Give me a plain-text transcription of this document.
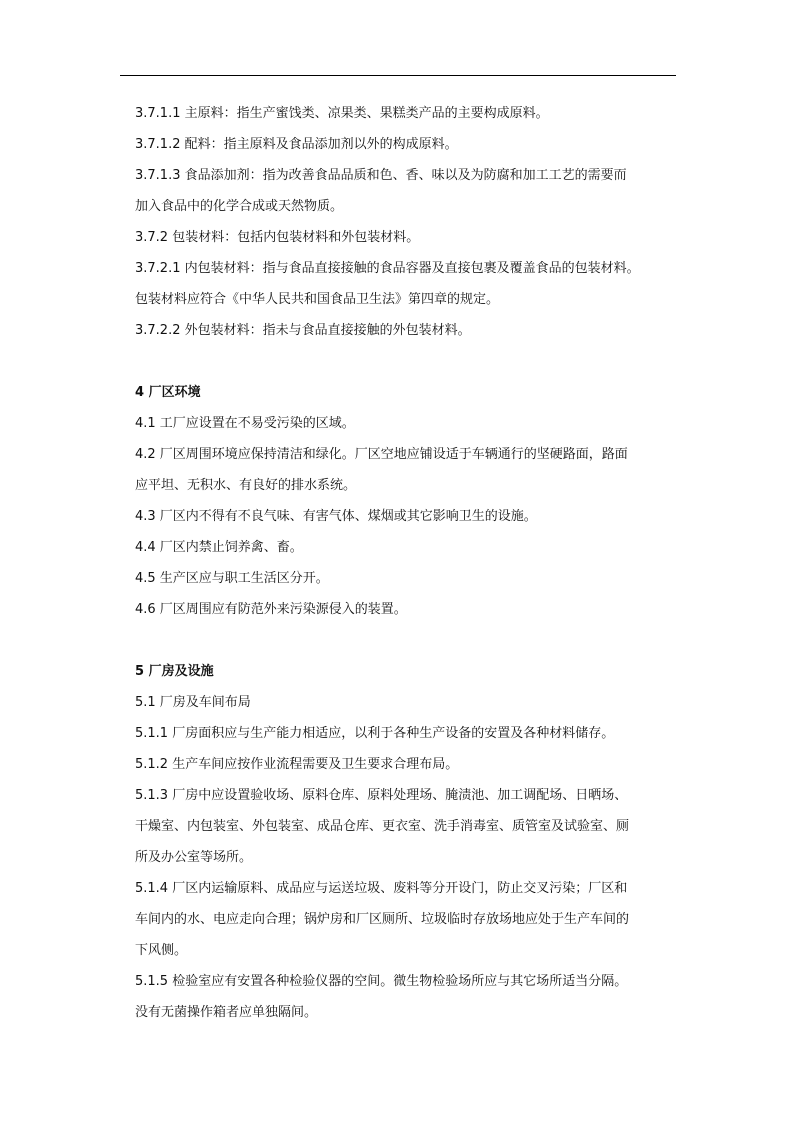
3.7.1.1 主原料：指生产蜜饯类、凉果类、果糕类产品的主要构成原料。
3.7.1.2 配料：指主原料及食品添加剂以外的构成原料。
3.7.1.3 食品添加剂：指为改善食品品质和色、香、味以及为防腐和加工工艺的需要而
加入食品中的化学合成或天然物质。
3.7.2 包装材料：包括内包装材料和外包装材料。
3.7.2.1 内包装材料：指与食品直接接触的食品容器及直接包裹及覆盖食品的包装材料。
包装材料应符合《中华人民共和国食品卫生法》第四章的规定。
3.7.2.2 外包装材料：指未与食品直接接触的外包装材料。
4 厂区环境
4.1 工厂应设置在不易受污染的区域。
4.2 厂区周围环境应保持清洁和绿化。厂区空地应铺设适于车辆通行的坚硬路面，路面
应平坦、无积水、有良好的排水系统。
4.3 厂区内不得有不良气味、有害气体、煤烟或其它影响卫生的设施。
4.4 厂区内禁止饲养禽、畜。
4.5 生产区应与职工生活区分开。
4.6 厂区周围应有防范外来污染源侵入的装置。
5 厂房及设施
5.1 厂房及车间布局
5.1.1 厂房面积应与生产能力相适应，以利于各种生产设备的安置及各种材料储存。
5.1.2 生产车间应按作业流程需要及卫生要求合理布局。
5.1.3 厂房中应设置验收场、原料仓库、原料处理场、腌渍池、加工调配场、日晒场、
干燥室、内包装室、外包装室、成品仓库、更衣室、洗手消毒室、质管室及试验室、厕
所及办公室等场所。
5.1.4 厂区内运输原料、成品应与运送垃圾、废料等分开设门，防止交叉污染；厂区和
车间内的水、电应走向合理；锅炉房和厂区厕所、垃圾临时存放场地应处于生产车间的
下风侧。
5.1.5 检验室应有安置各种检验仪器的空间。微生物检验场所应与其它场所适当分隔。
没有无菌操作箱者应单独隔间。
